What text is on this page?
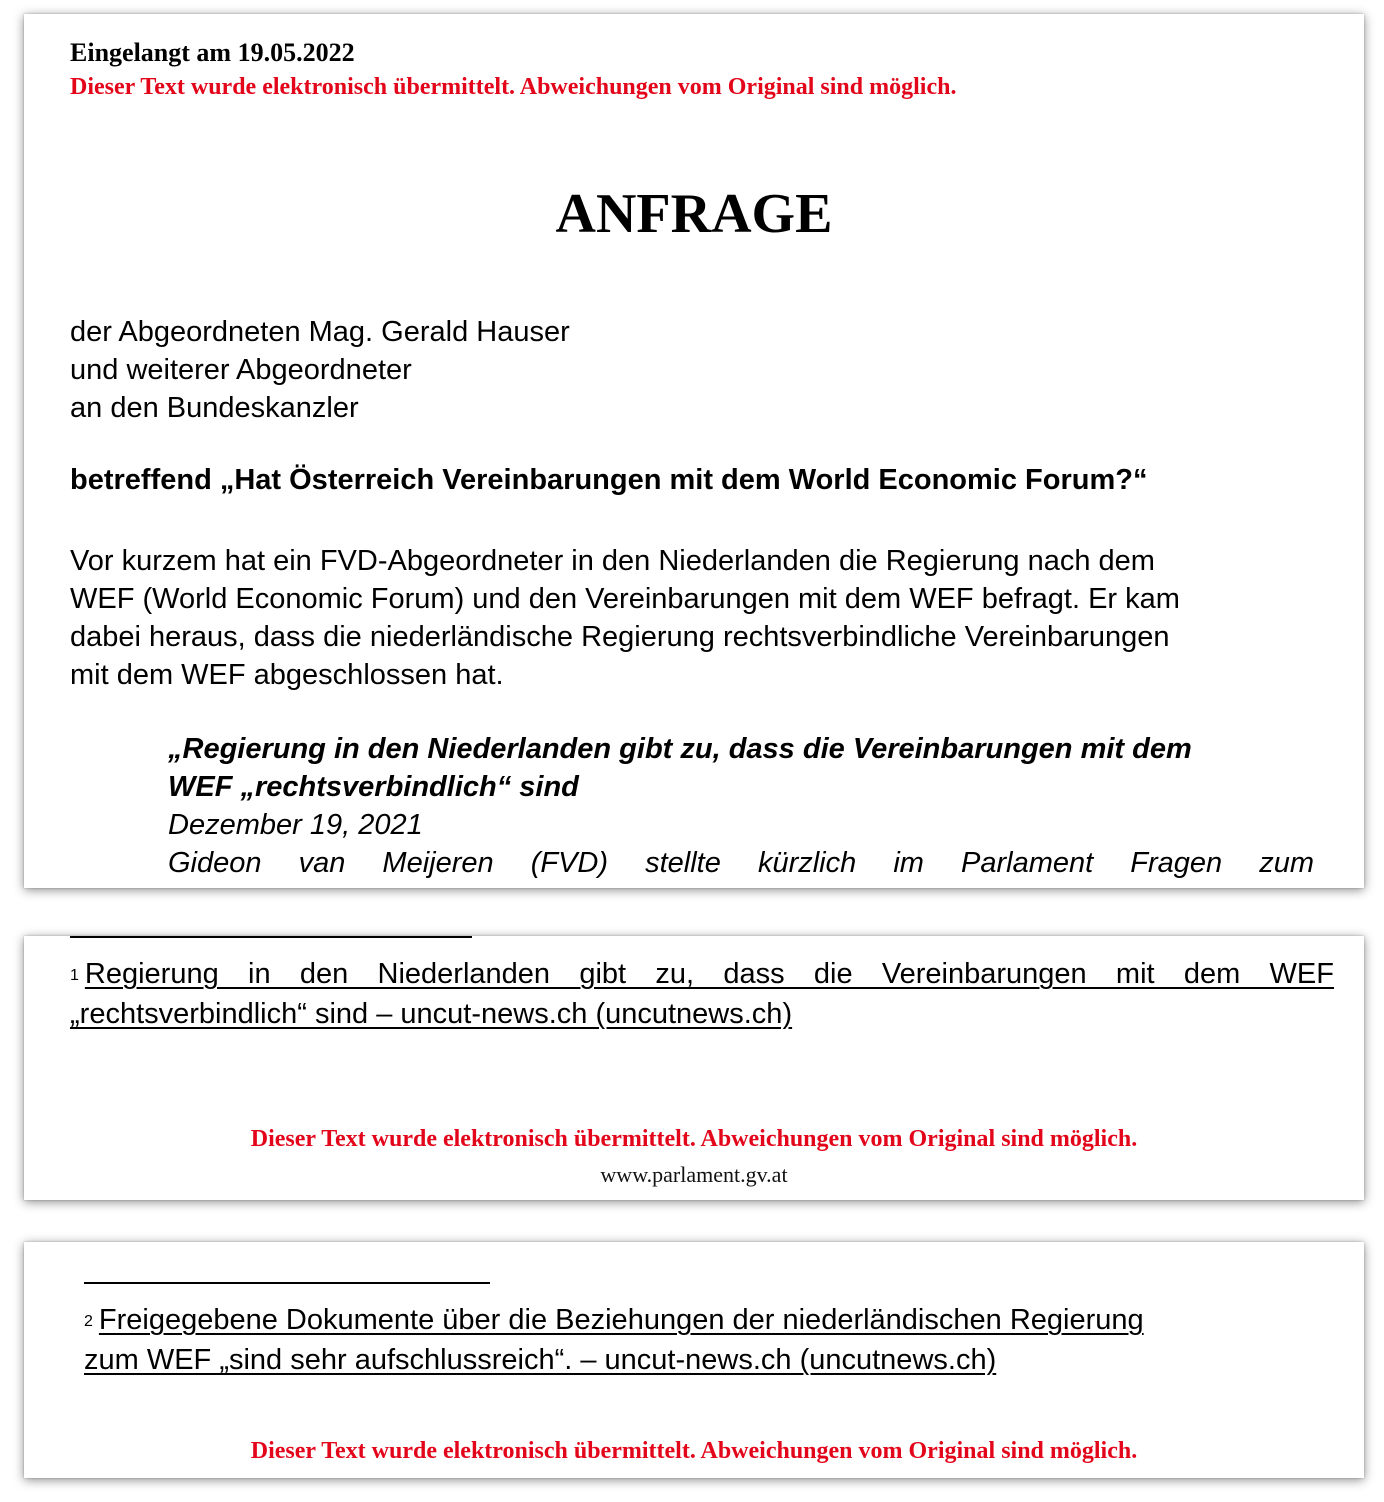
Eingelangt am 19.05.2022

Dieser Text wurde elektronisch übermittelt. Abweichungen vom Original sind möglich.

ANFRAGE

der Abgeordneten Mag. Gerald Hauser

und weiterer Abgeordneter

an den Bundeskanzler

betreffend „Hat Österreich Vereinbarungen mit dem World Economic Forum?“

Vor kurzem hat ein FVD-Abgeordneter in den Niederlanden die Regierung nach dem
WEF (World Economic Forum) und den Vereinbarungen mit dem WEF befragt. Er kam
dabei heraus, dass die niederländische Regierung rechtsverbindliche Vereinbarungen
mit dem WEF abgeschlossen hat.
„Regierung in den Niederlanden gibt zu, dass die Vereinbarungen mit dem
WEF „rechtsverbindlich“ sind
Dezember 19, 2021
Gideon van Meijeren (FVD) stellte kürzlich im Parlament Fragen zum
$^1$ Regierung in den Niederlanden gibt zu, dass die Vereinbarungen mit dem WEF
„rechtsverbindlich“ sind – uncut-news.ch (uncutnews.ch)

Dieser Text wurde elektronisch übermittelt. Abweichungen vom Original sind möglich.

www.parlament.gv.at

$^2$ Freigegebene Dokumente über die Beziehungen der niederländischen Regierung
zum WEF „sind sehr aufschlussreich“. – uncut-news.ch (uncutnews.ch)

Dieser Text wurde elektronisch übermittelt. Abweichungen vom Original sind möglich.
